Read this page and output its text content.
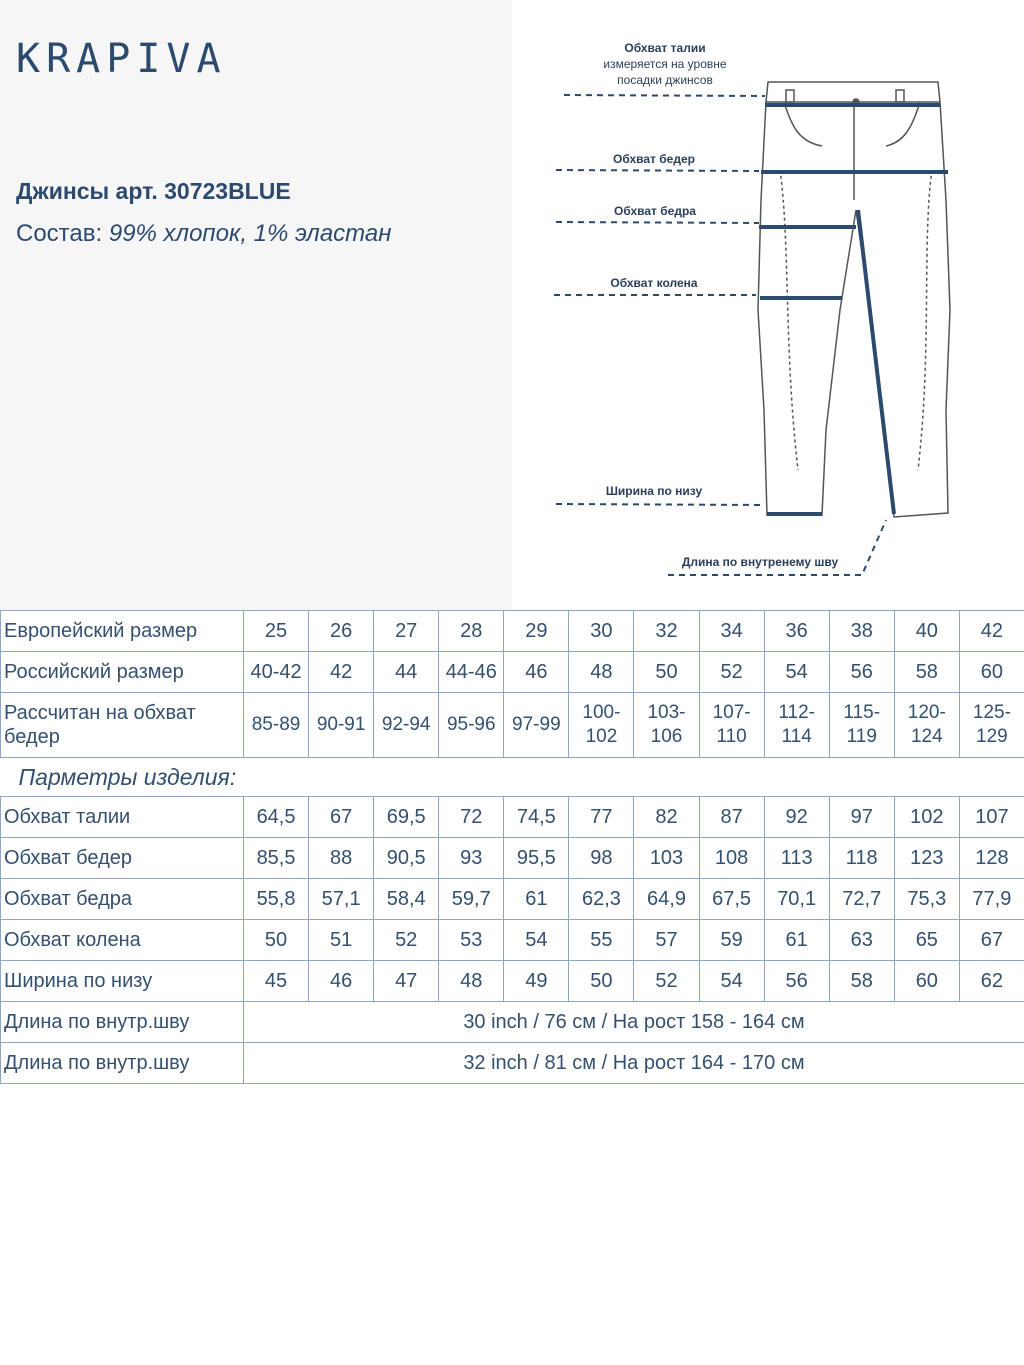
KRAPIVA
Джинсы арт. 30723BLUE
Состав: 99% хлопок, 1% эластан
Обхват талии
измеряется на уровне
посадки джинсов
Обхват бедер
Обхват бедра
Обхват колена
Ширина по низу
Длина по внутренему шву
Европейский размер	25	26	27	28	29	30	32	34	36	38	40	42
Российский размер	40-42	42	44	44-46	46	48	50	52	54	56	58	60
Рассчитан на обхват бедер	85-89	90-91	92-94	95-96	97-99	100-102	103-106	107-110	112-114	115-119	120-124	125-129
Парметры изделия:												
Обхват талии	64,5	67	69,5	72	74,5	77	82	87	92	97	102	107
Обхват бедер	85,5	88	90,5	93	95,5	98	103	108	113	118	123	128
Обхват бедра	55,8	57,1	58,4	59,7	61	62,3	64,9	67,5	70,1	72,7	75,3	77,9
Обхват колена	50	51	52	53	54	55	57	59	61	63	65	67
Ширина по низу	45	46	47	48	49	50	52	54	56	58	60	62
Длина по внутр.шву	30 inch / 76 см / На рост 158 - 164 см											
Длина по внутр.шву	32 inch / 81 см / На рост 164 - 170 см											
